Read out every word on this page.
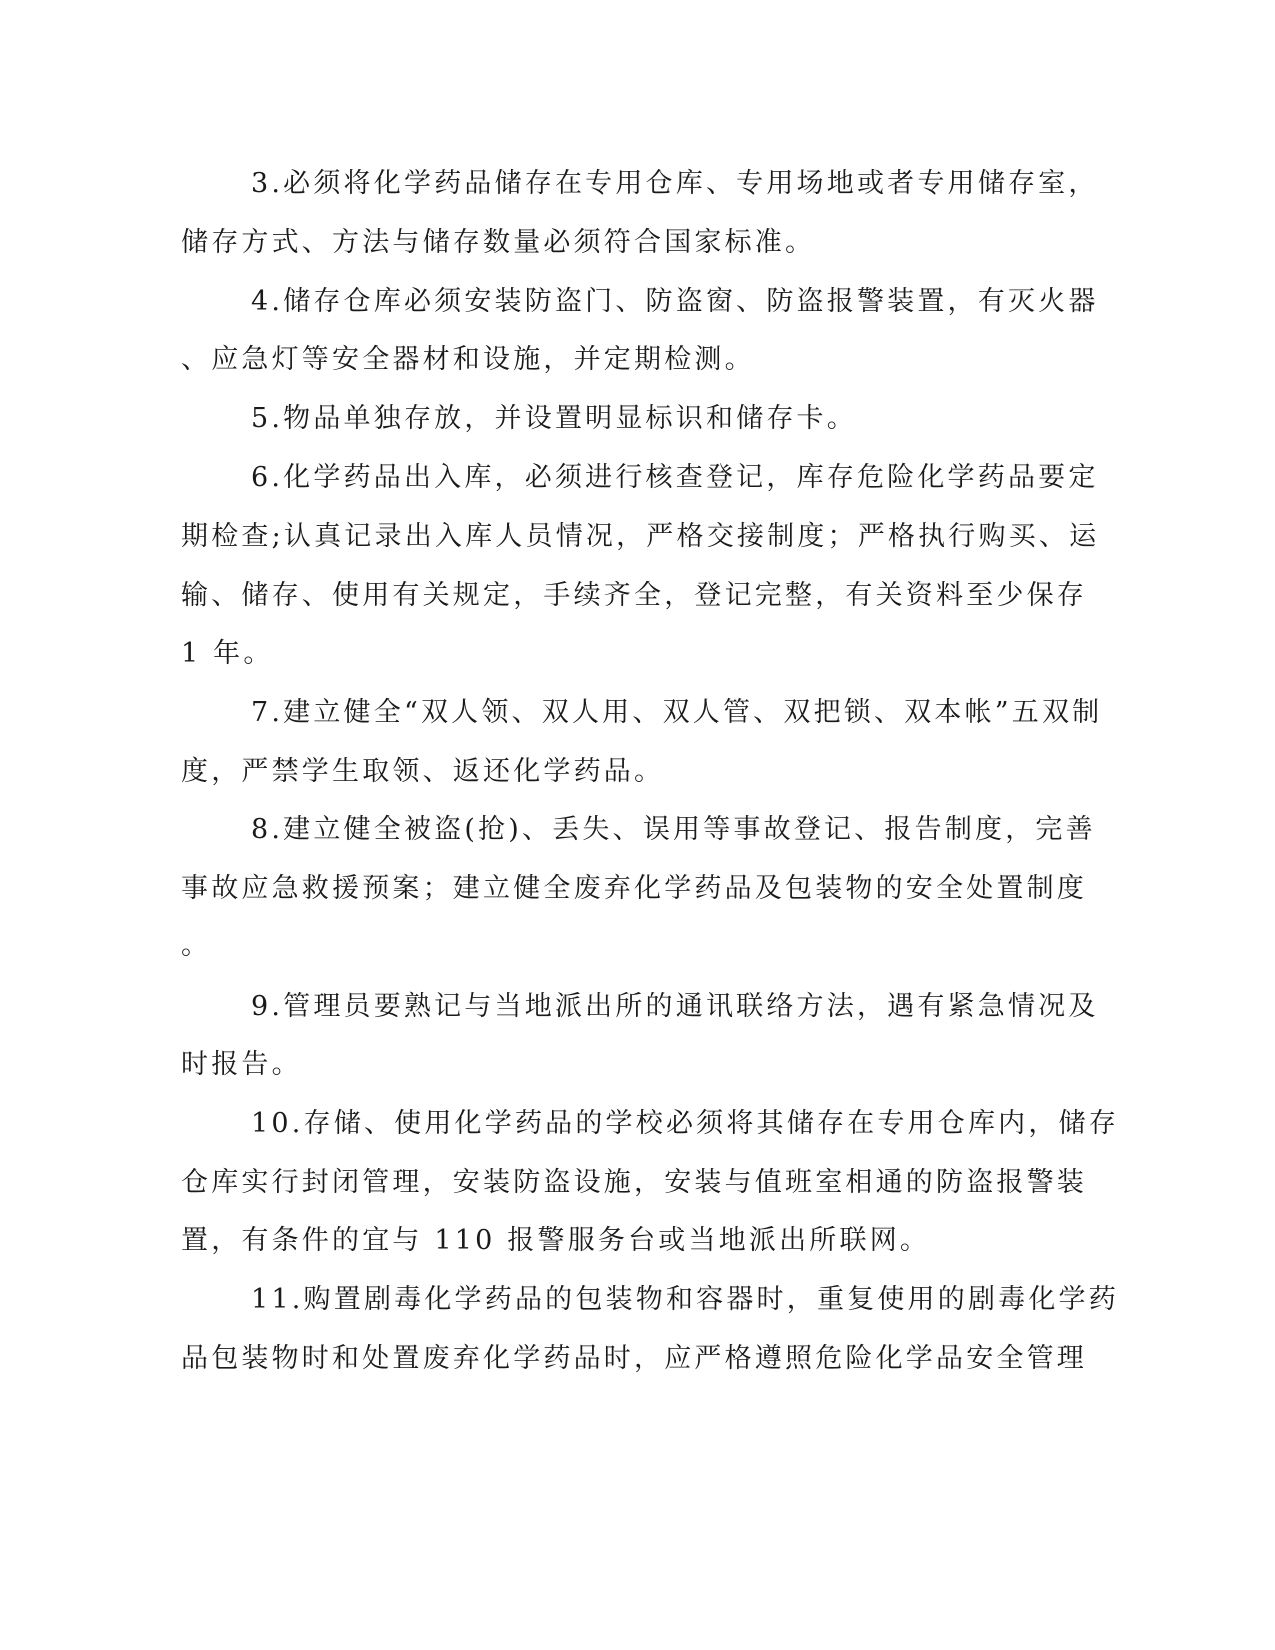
3.必须将化学药品储存在专用仓库、专用场地或者专用储存室，

储存方式、方法与储存数量必须符合国家标准。

4.储存仓库必须安装防盗门、防盗窗、防盗报警装置，有灭火器

、应急灯等安全器材和设施，并定期检测。

5.物品单独存放，并设置明显标识和储存卡。

6.化学药品出入库，必须进行核查登记，库存危险化学药品要定

期检查;认真记录出入库人员情况，严格交接制度；严格执行购买、运

输、储存、使用有关规定，手续齐全，登记完整，有关资料至少保存

1 年。

7.建立健全“双人领、双人用、双人管、双把锁、双本帐”五双制

度，严禁学生取领、返还化学药品。

8.建立健全被盗(抢)、丢失、误用等事故登记、报告制度，完善

事故应急救援预案；建立健全废弃化学药品及包装物的安全处置制度

。

9.管理员要熟记与当地派出所的通讯联络方法，遇有紧急情况及

时报告。

10.存储、使用化学药品的学校必须将其储存在专用仓库内，储存

仓库实行封闭管理，安装防盗设施，安装与值班室相通的防盗报警装

置，有条件的宜与 110 报警服务台或当地派出所联网。

11.购置剧毒化学药品的包装物和容器时，重复使用的剧毒化学药

品包装物时和处置废弃化学药品时，应严格遵照危险化学品安全管理
